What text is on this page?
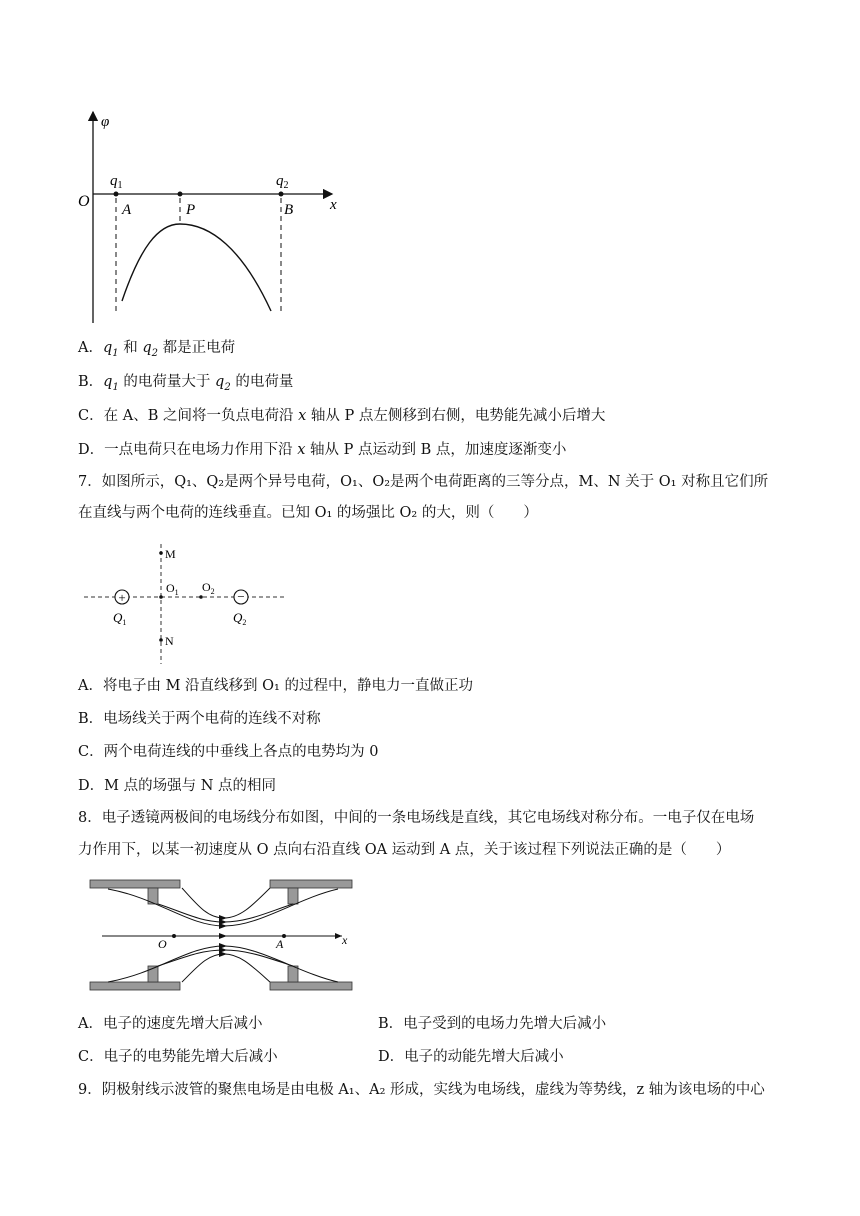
φ
O	x
$q_1$	$q_2$
A	P	B
A．$q_1$ 和 $q_2$ 都是正电荷
B．$q_1$ 的电荷量大于 $q_2$ 的电荷量
C．在 A、B 之间将一负点电荷沿 x 轴从 P 点左侧移到右侧，电势能先减小后增大
D．一点电荷只在电场力作用下沿 x 轴从 P 点运动到 B 点，加速度逐渐变小
7．如图所示，Q₁、Q₂是两个异号电荷，O₁、O₂是两个电荷距离的三等分点，M、N 关于 O₁ 对称且它们所
在直线与两个电荷的连线垂直。已知 O₁ 的场强比 O₂ 的大，则（　　）
+	−
M
N
$O_1$ $O_2$
$Q_1$	$Q_2$
A．将电子由 M 沿直线移到 O₁ 的过程中，静电力一直做正功
B．电场线关于两个电荷的连线不对称
C．两个电荷连线的中垂线上各点的电势均为 0
D．M 点的场强与 N 点的相同
8．电子透镜两极间的电场线分布如图，中间的一条电场线是直线，其它电场线对称分布。一电子仅在电场
力作用下，以某一初速度从 O 点向右沿直线 OA 运动到 A 点，关于该过程下列说法正确的是（　　）
O	A	x
A．电子的速度先增大后减小	B．电子受到的电场力先增大后减小
C．电子的电势能先增大后减小	D．电子的动能先增大后减小
9．阴极射线示波管的聚焦电场是由电极 A₁、A₂ 形成，实线为电场线，虚线为等势线，z 轴为该电场的中心
